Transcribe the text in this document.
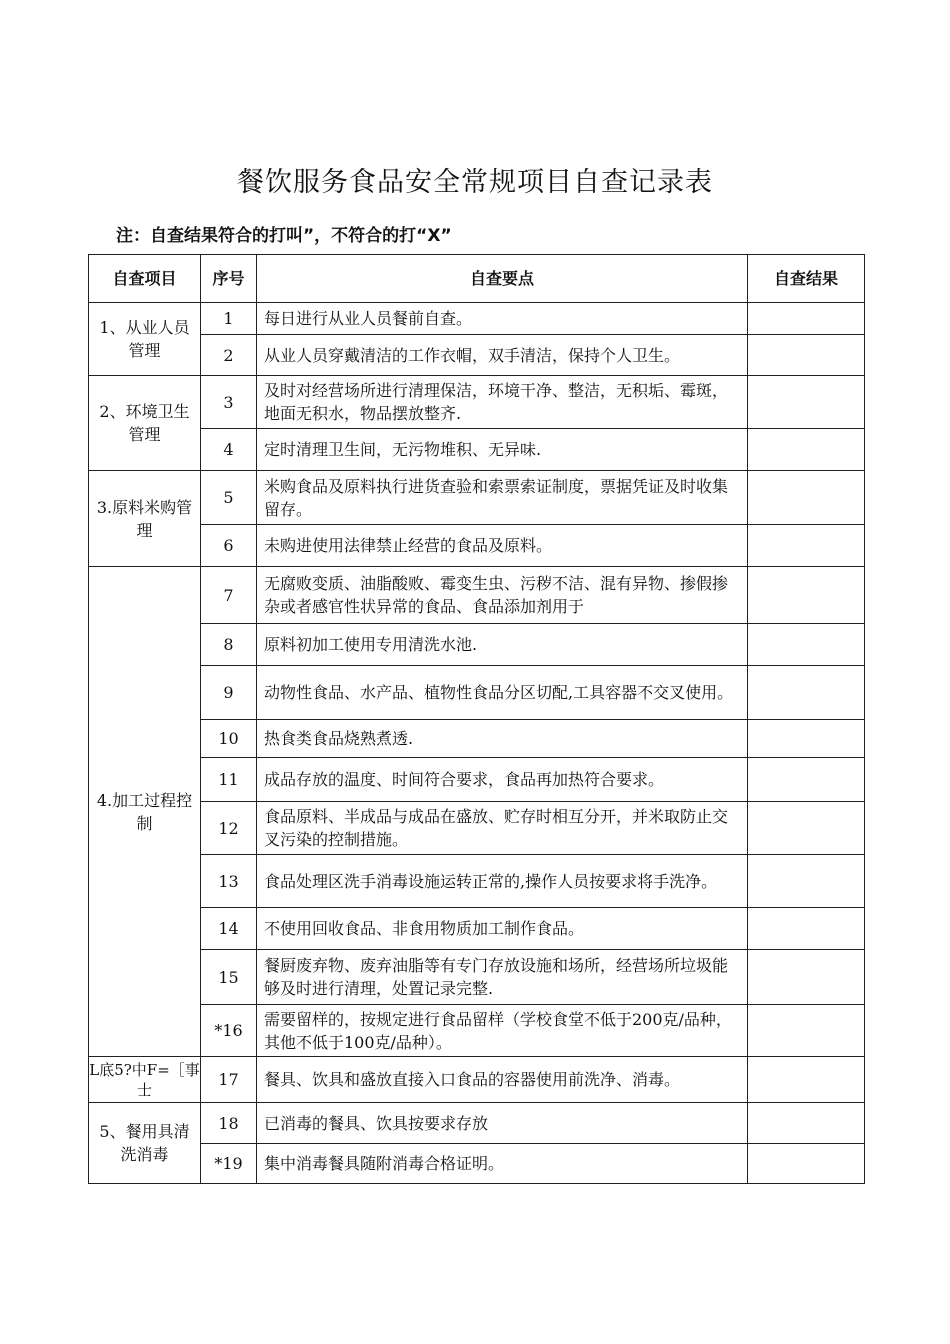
餐饮服务食品安全常规项目自查记录表
注：自查结果符合的打叫”，不符合的打“X”
自查项目	序号	自查要点	自查结果
1、从业人员管理	1	每日进行从业人员餐前自查。	

	2	从业人员穿戴清洁的工作衣帽，双手清洁，保持个人卫生。	

2、环境卫生管理	3	及时对经营场所进行清理保洁，环境干净、整洁，无积垢、霉斑，地面无积水，物品摆放整齐.	

	4	定时清理卫生间，无污物堆积、无异味.	

3.原料米购管理	5	米购食品及原料执行进货查验和索票索证制度，票据凭证及时收集留存。	

	6	未购进使用法律禁止经营的食品及原料。	

4.加工过程控制	7	无腐败变质、油脂酸败、霉变生虫、污秽不洁、混有异物、掺假掺杂或者感官性状异常的食品、食品添加剂用于	

	8	原料初加工使用专用清洗水池.	

	9	动物性食品、水产品、植物性食品分区切配,工具容器不交叉使用。	

	10	热食类食品烧熟煮透.	

	11	成品存放的温度、时间符合要求，食品再加热符合要求。	

	12	食品原料、半成品与成品在盛放、贮存时相互分开，并米取防止交叉污染的控制措施。	

	13	食品处理区洗手消毒设施运转正常的,操作人员按要求将手洗净。	

	14	不使用回收食品、非食用物质加工制作食品。	

	15	餐厨废弃物、废弃油脂等有专门存放设施和场所，经营场所垃圾能够及时进行清理，处置记录完整.	

	*16	需要留样的，按规定进行食品留样（学校食堂不低于200克/品种，其他不低于100克/品种）。	

L底5?中F=［事士	17	餐具、饮具和盛放直接入口食品的容器使用前洗净、消毒。	

5、餐用具清洗消毒	18	已消毒的餐具、饮具按要求存放	

	*19	集中消毒餐具随附消毒合格证明。	
